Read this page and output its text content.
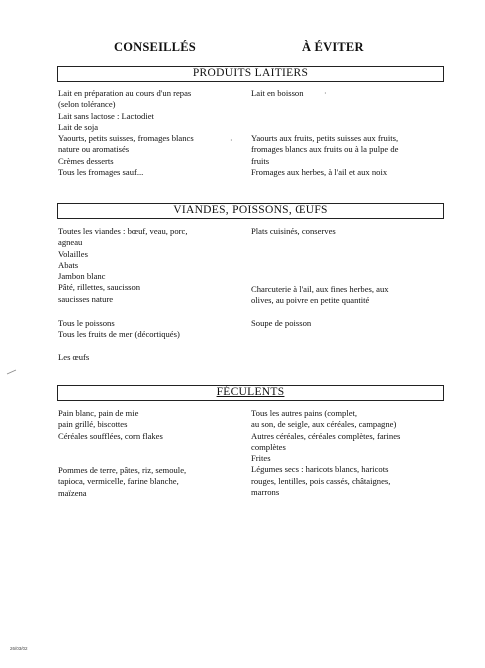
CONSEILLÉS	À ÉVITER
PRODUITS LAITIERS
Lait en préparation au cours d'un repas
(selon tolérance)
Lait sans lactose : Lactodiet
Lait de soja
Yaourts, petits suisses, fromages blancs
nature ou aromatisés
Crèmes desserts
Tous les fromages sauf...
Lait en boisson
Yaourts aux fruits, petits suisses aux fruits,
fromages blancs aux fruits ou à la pulpe de
fruits
Fromages aux herbes, à l'ail et aux noix
VIANDES, POISSONS, ŒUFS
Toutes les viandes : bœuf, veau, porc,
agneau
Volailles
Abats
Jambon blanc
Pâté, rillettes, saucisson
saucisses nature
Tous le poissons
Tous les fruits de mer (décortiqués)
Les œufs
Plats cuisinés, conserves
Charcuterie à l'ail, aux fines herbes, aux
olives, au poivre en petite quantité
Soupe de poisson
FÉCULENTS
Pain blanc, pain de mie
pain grillé, biscottes
Céréales soufflées, corn flakes
Pommes de terre, pâtes, riz, semoule,
tapioca, vermicelle, farine blanche,
maïzena
Tous les autres pains (complet,
au son, de seigle, aux céréales, campagne)
Autres céréales, céréales complètes, farines
complètes
Frites
Légumes secs : haricots blancs, haricots
rouges, lentilles, pois cassés, châtaignes,
marrons
·
·
26/03/02
